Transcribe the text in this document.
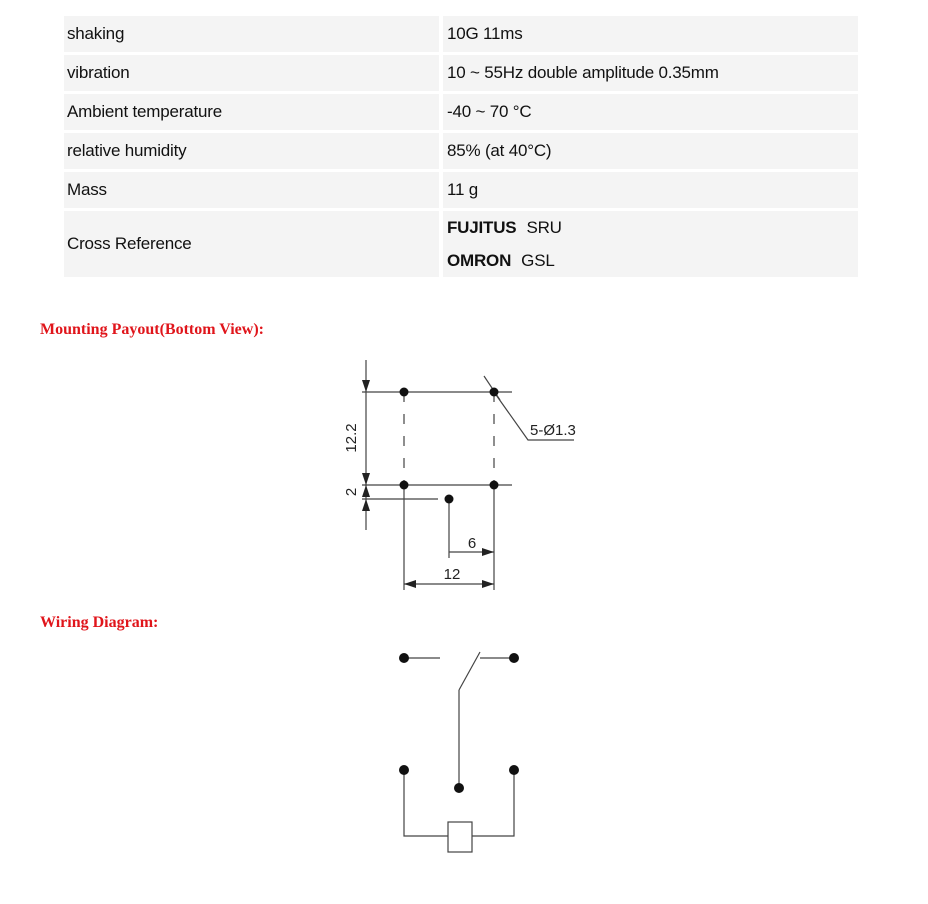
shaking	10G 11ms
vibration	10 ~ 55Hz double amplitude 0.35mm
Ambient temperature	-40 ~ 70 °C
relative humidity	85% (at 40°C)
Mass	11 g
Cross Reference	FUJITUS SRU
OMRON GSL
Mounting Payout(Bottom View):
12.2
2
6
12
5-Ø1.3
Wiring Diagram:
